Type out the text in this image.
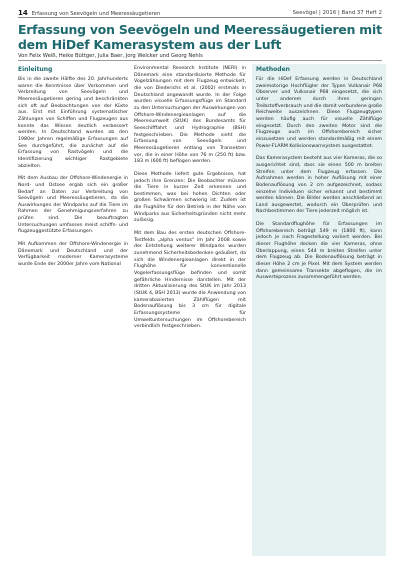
14 Erfassung von Seevögeln und Meeressäugetieren	Seevögel | 2016 | Band 37 Heft 2
Erfassung von Seevögeln und Meeressäugetieren mit dem HiDef Kamerasystem aus der Luft
Von Felix Weiß, Heike Büttger, Julia Baer, Jorg Welcker und Georg Nehls
Einleitung

Bis in die zweite Hälfte des 20. Jahrhunderts waren die Kenntnisse über Vorkommen und Verbreitung von Seevögeln und Meeressäugetieren gering und beschränkten sich oft auf Beobachtungen von der Küste aus. Erst mit Einführung systematischer Zählungen von Schiffen und Flugzeugen aus konnte das Wissen deutlich verbessert werden. In Deutschland wurden ab den 1980er Jahren regelmäßige Erfassungen auf See durchgeführt, die zunächst auf die Erfassung von Rastvögeln und die Identifizierung wichtiger Rastgebiete abzielten.

Mit dem Ausbau der Offshore-Windenergie in Nord- und Ostsee ergab sich ein großer Bedarf an Daten zur Verbreitung von Seevögeln und Meeressäugetieren, da die Auswirkungen der Windparks auf die Tiere im Rahmen der Genehmigungsverfahren zu prüfen sind. Die beauftragten Untersuchungen umfassen meist schiffs- und flugzeuggestützte Erfassungen.

Mit Aufkommen der Offshore-Windenergie in Dänemark und Deutschland und der Verfügbarkeit moderner Kamerasysteme wurde Ende der 2000er Jahre vom National

Environmental Research Institute (NERI) in Dänemark eine standardisierte Methode für Vogelzählungen mit dem Flugzeug entwickelt, die von Diederichs et al. (2002) erstmals in Deutschland angewandt wurde. In der Folge wurden visuelle Erfassungsflüge im Standard zu den Untersuchungen der Auswirkungen von Offshore-Windenergieanlagen auf die Meeresumwelt (StUK) des Bundesamts für Seeschifffahrt und Hydrographie (BSH) festgeschrieben. Die Methode sieht die Erfassung von Seevögeln und Meeressäugetieren entlang von Transekten vor, die in einer Höhe von 76 m (250 ft) bzw. 183 m (600 ft) beflogen werden.

Diese Methode liefert gute Ergebnisse, hat jedoch ihre Grenzen: Die Beobachter müssen die Tiere in kurzer Zeit erkennen und bestimmen, was bei hohen Dichten oder großen Schwärmen schwierig ist. Zudem ist die Flughöhe für den Betrieb in der Nähe von Windparks aus Sicherheitsgründen nicht mehr zulässig.

Mit dem Bau des ersten deutschen Offshore-Testfelds „alpha ventus" im Jahr 2008 sowie der Entstehung weiterer Windparks wurden zunehmend Sicherheitsbedenken geäußert, da sich die Windenergieanlagen direkt in der Flughöhe für konventionelle Vogelerfassungsflüge befinden und somit gefährliche Hindernisse darstellen. Mit der dritten Aktualisierung des StUK im Jahr 2013 (StUK 4, BSH 2013) wurde die Anwendung von kamerabasierten Zählflügen mit Bodenauflösung bis 3 cm für digitale Erfassungssysteme für Umweltuntersuchungen im Offshorebereich verbindlich festgeschrieben.

Methoden

Für die HiDef Erfassung werden in Deutschland zweimotorige Hochflügler der Typen Vulkanair P68 Observer und Vulkanair P68 eingesetzt, die sich unter anderem durch ihren geringen Treibstoffverbrauch und die damit verbundene große Reichweite auszeichnen. Diese Flugzeugtypen werden häufig auch für visuelle Zählflüge eingesetzt. Durch den zweiten Motor sind die Flugzeuge auch im Offshorebereich sicher einzusetzen und werden standardmäßig mit einem Power-FLARM Kollisionswarnsystem ausgestattet.

Das Kamerasystem besteht aus vier Kameras, die so ausgerichtet sind, dass sie einen 500 m breiten Streifen unter dem Flugzeug erfassen. Die Aufnahmen werden in hoher Auflösung mit einer Bodenauflösung von 2 cm aufgezeichnet, sodass einzelne Individuen sicher erkannt und bestimmt werden können. Die Bilder werden anschließend an Land ausgewertet, wodurch ein Überprüfen und Nachbestimmen der Tiere jederzeit möglich ist.

Die Standardflughöhe für Erfassungen im Offshorebereich beträgt 549 m (1800 ft), kann jedoch je nach Fragestellung variiert werden. Bei dieser Flughöhe decken die vier Kameras, ohne Überlappung, einen 544 m breiten Streifen unter dem Flugzeug ab. Die Bodenauflösung beträgt in dieser Höhe 2 cm je Pixel. Mit dem System werden dann gemeinsame Transekte abgeflogen, die im Auswerteprozess zusammengeführt werden.
